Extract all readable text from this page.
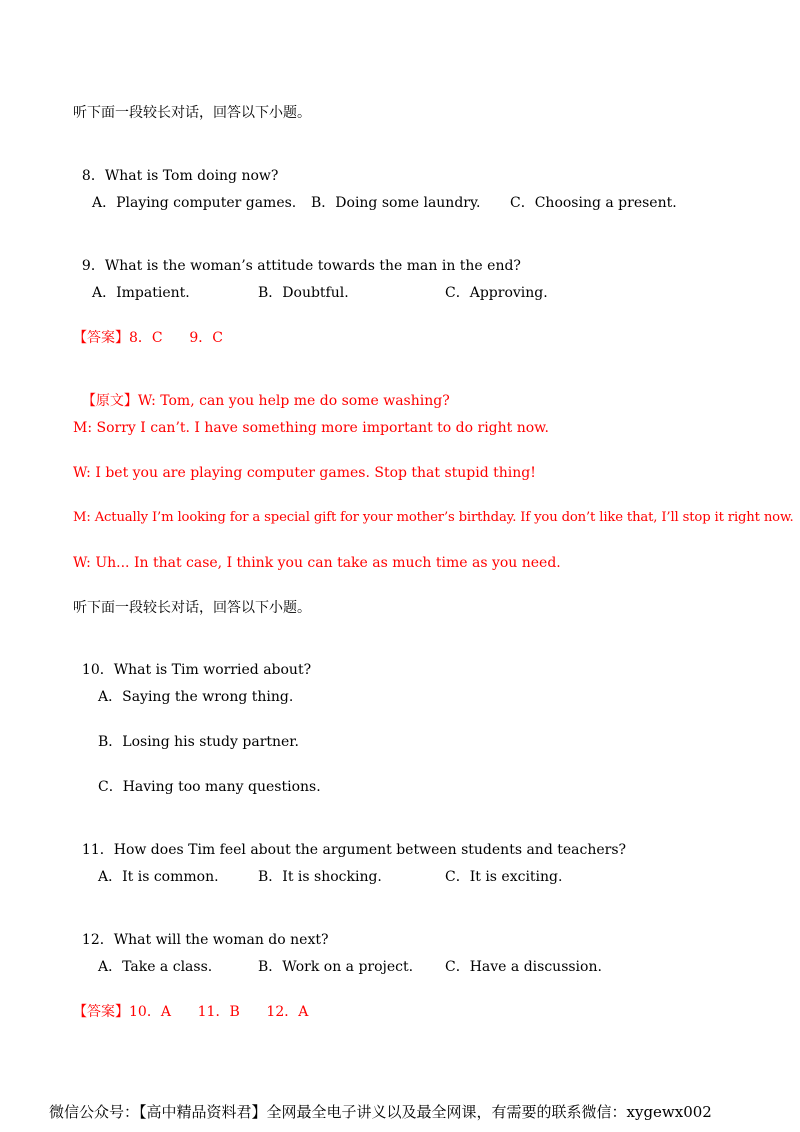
听下面一段较长对话，回答以下小题。

8．What is Tom doing now?

A．Playing computer games. B．Doing some laundry. C．Choosing a present.

9．What is the woman’s attitude towards the man in the end?

A．Impatient.	B．Doubtful.	C．Approving.
【答案】8．C      9．C

【原文】W: Tom, can you help me do some washing?

M: Sorry I can’t. I have something more important to do right now.
W: I bet you are playing computer games. Stop that stupid thing!
M: Actually I’m looking for a special gift for your mother’s birthday. If you don’t like that, I’ll stop it right now.
W: Uh... In that case, I think you can take as much time as you need.
听下面一段较长对话，回答以下小题。

10．What is Tim worried about?

A．Saying the wrong thing.
B．Losing his study partner.
C．Having too many questions.

11．How does Tim feel about the argument between students and teachers?

A．It is common.	B．It is shocking.	C．It is exciting.

12．What will the woman do next?

A．Take a class.	B．Work on a project. C．Have a discussion.
【答案】10．A      11．B      12．A
微信公众号：【高中精品资料君】全网最全电子讲义以及最全网课，有需要的联系微信：xygewx002
